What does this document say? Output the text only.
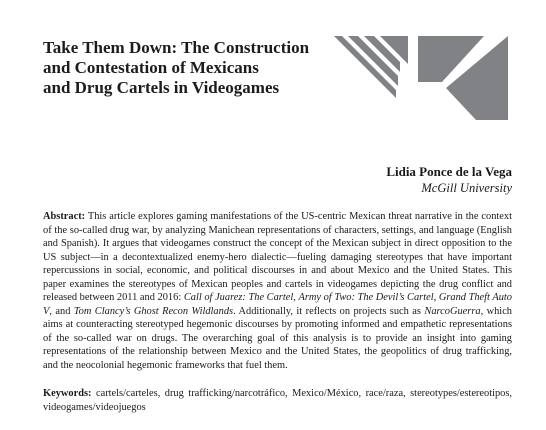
Take Them Down: The Construction
and Contestation of Mexicans
and Drug Cartels in Videogames
Lidia Ponce de la Vega
McGill University
Abstract: This article explores gaming manifestations of the US-centric Mexican threat narrative in the context of the so-called drug war, by analyzing Manichean representations of characters, settings, and language (English and Spanish). It argues that videogames construct the concept of the Mexican subject in direct opposition to the US subject—in a decontextualized enemy-hero dialectic—fueling damaging stereotypes that have important repercussions in social, economic, and political discourses in and about Mexico and the United States. This paper examines the stereotypes of Mexican peoples and cartels in videogames depicting the drug conflict and released between 2011 and 2016: Call of Juarez: The Cartel, Army of Two: The Devil’s Cartel, Grand Theft Auto V, and Tom Clancy’s Ghost Recon Wildlands. Additionally, it reflects on projects such as NarcoGuerra, which aims at counteracting stereotyped hegemonic discourses by promoting informed and empathetic representations of the so-called war on drugs. The overarching goal of this analysis is to provide an insight into gaming representations of the relationship between Mexico and the United States, the geopolitics of drug trafficking, and the neocolonial hegemonic frameworks that fuel them.
Keywords: cartels/carteles, drug trafficking/narcotráfico, Mexico/México, race/raza, stereotypes/estereotipos, videogames/videojuegos
